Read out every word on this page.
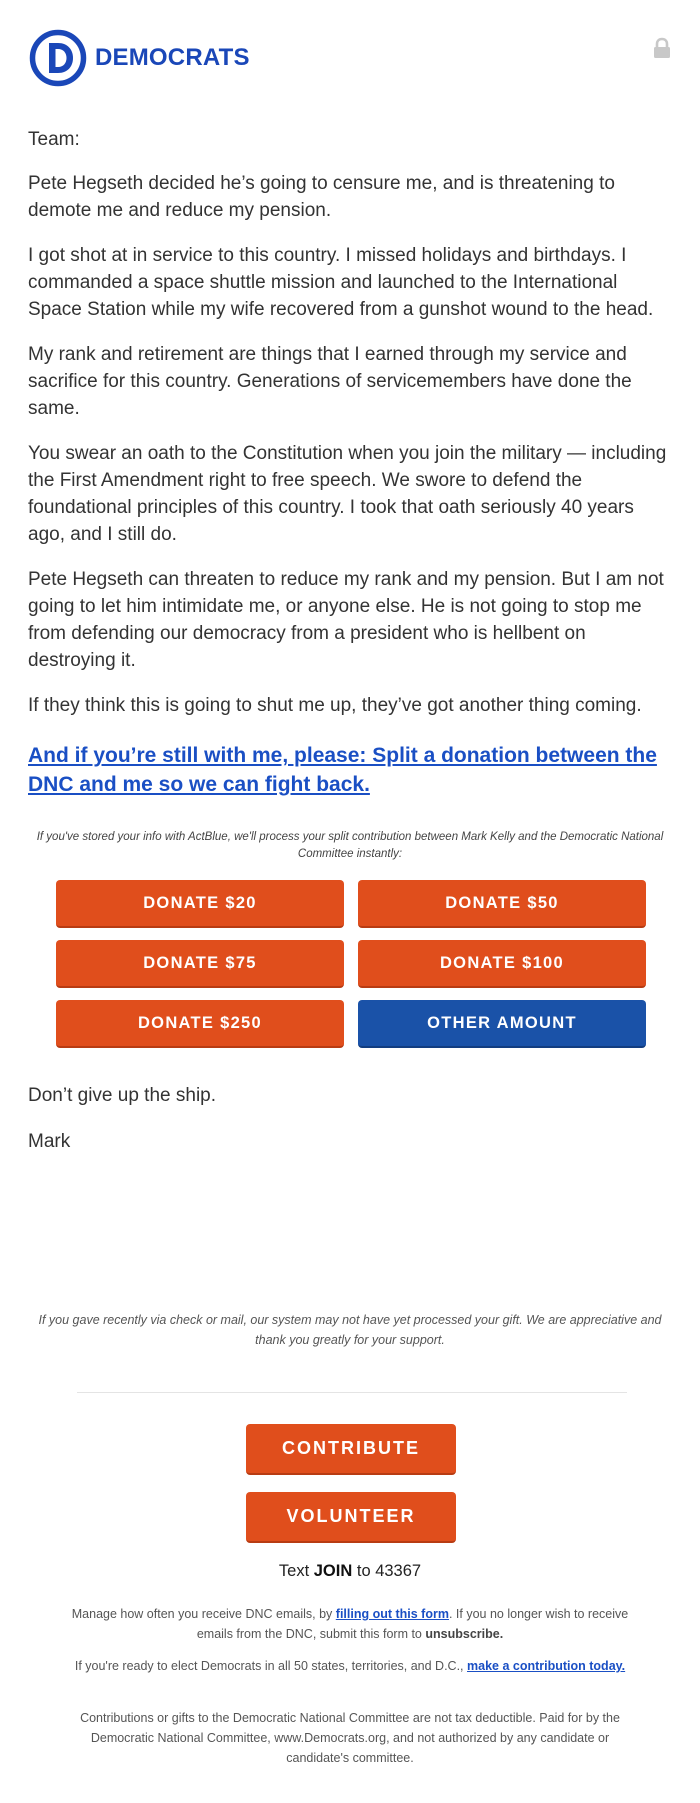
DEMOCRATS

Team:

Pete Hegseth decided he’s going to censure me, and is threatening to demote me and reduce my pension.

I got shot at in service to this country. I missed holidays and birthdays. I commanded a space shuttle mission and launched to the International Space Station while my wife recovered from a gunshot wound to the head.

My rank and retirement are things that I earned through my service and sacrifice for this country. Generations of servicemembers have done the same.

You swear an oath to the Constitution when you join the military — including the First Amendment right to free speech. We swore to defend the foundational principles of this country. I took that oath seriously 40 years ago, and I still do.

Pete Hegseth can threaten to reduce my rank and my pension. But I am not going to let him intimidate me, or anyone else. He is not going to stop me from defending our democracy from a president who is hellbent on destroying it.

If they think this is going to shut me up, they’ve got another thing coming.

And if you’re still with me, please: Split a donation between the DNC and me so we can fight back.

If you've stored your info with ActBlue, we'll process your split contribution between Mark Kelly and the Democratic National Committee instantly:

DONATE $20	DONATE $50
DONATE $75	DONATE $100
DONATE $250	OTHER AMOUNT

Don’t give up the ship.

Mark

If you gave recently via check or mail, our system may not have yet processed your gift. We are appreciative and thank you greatly for your support.
CONTRIBUTE
VOLUNTEER
Text JOIN to 43367
Manage how often you receive DNC emails, by filling out this form. If you no longer wish to receive emails from the DNC, submit this form to unsubscribe.
If you're ready to elect Democrats in all 50 states, territories, and D.C., make a contribution today.
Contributions or gifts to the Democratic National Committee are not tax deductible. Paid for by the Democratic National Committee, www.Democrats.org, and not authorized by any candidate or candidate's committee.
